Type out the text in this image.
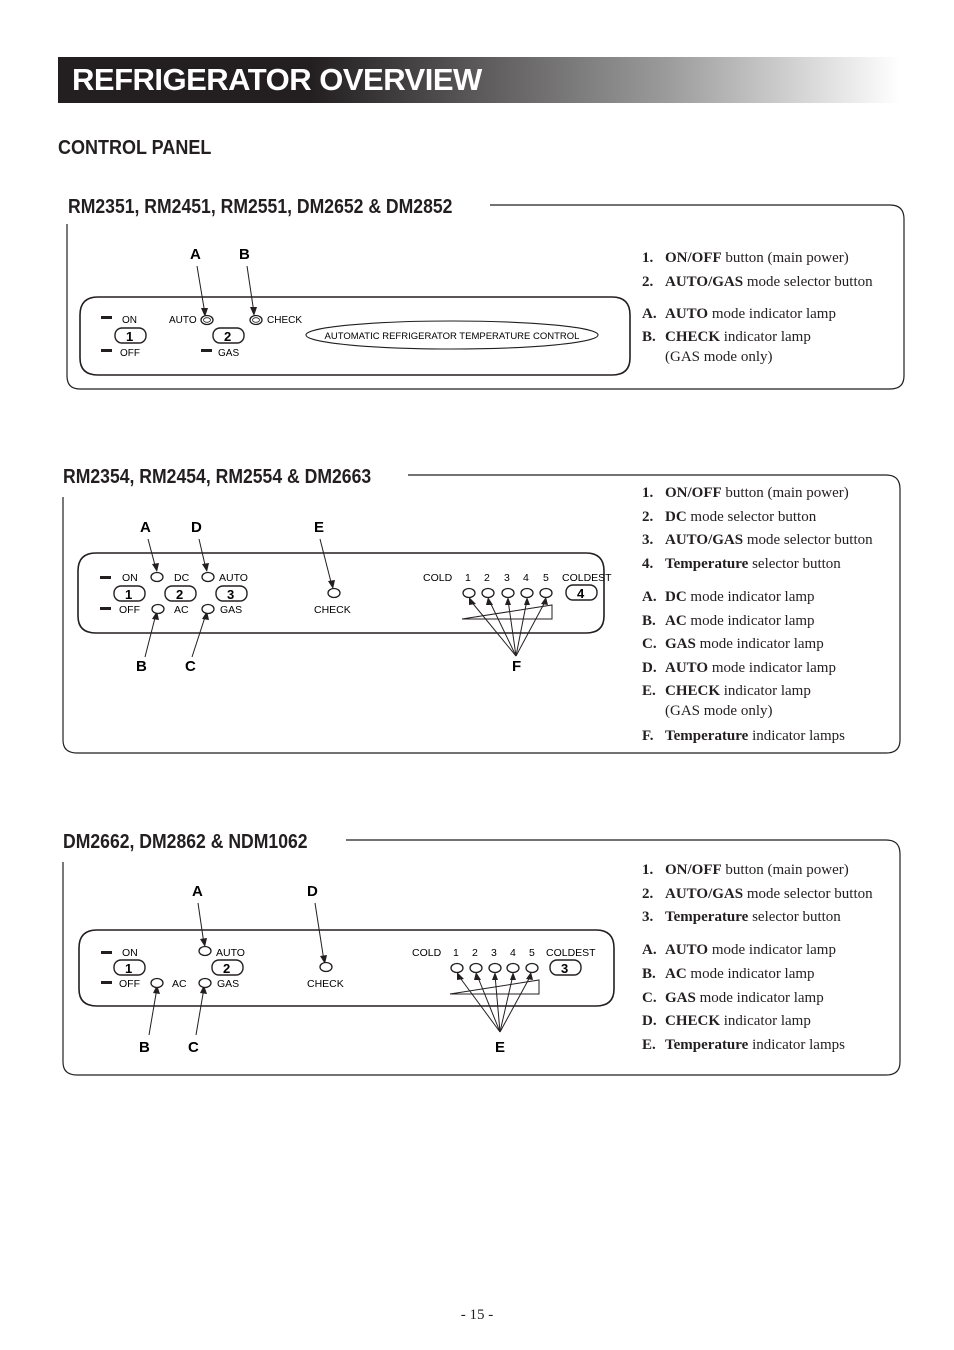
REFRIGERATOR OVERVIEW
CONTROL PANEL
RM2351, RM2451, RM2551, DM2652 & DM2852
A	B
ON
1
OFF
AUTO
2
GAS
CHECK
AUTOMATIC REFRIGERATOR TEMPERATURE CONTROL
1. ON/OFF button (main power)
2. AUTO/GAS mode selector button
A. AUTO mode indicator lamp
B. CHECK indicator lamp
(GAS mode only)
RM2354, RM2454, RM2554 & DM2663
A	D	E
B	C	F
ON
1
OFF
DC
2
AC
AUTO
3
GAS	CHECK
COLD 1 2 3 4 5 COLDEST
4
1. ON/OFF button (main power)
2. DC mode selector button
3. AUTO/GAS mode selector button
4. Temperature selector button
A. DC mode indicator lamp
B. AC mode indicator lamp
C. GAS mode indicator lamp
D. AUTO mode indicator lamp
E. CHECK indicator lamp
(GAS mode only)
F. Temperature indicator lamps
DM2662, DM2862 & NDM1062
A	D
B	C	E
ON
1
OFF	AC
AUTO
2
GAS	CHECK
COLD 1 2 3 4 5 COLDEST
3
1. ON/OFF button (main power)
2. AUTO/GAS mode selector button
3. Temperature selector button
A. AUTO mode indicator lamp
B. AC mode indicator lamp
C. GAS mode indicator lamp
D. CHECK indicator lamp
E. Temperature indicator lamps
- 15 -
